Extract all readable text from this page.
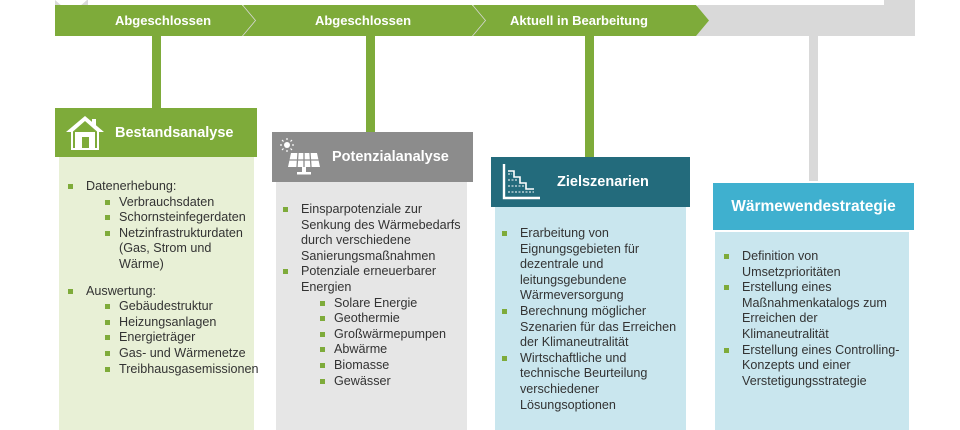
Abgeschlossen	Abgeschlossen	Aktuell in Bearbeitung
Datenerhebung:
Verbrauchsdaten
Schornsteinfegerdaten
Netzinfrastrukturdaten (Gas, Strom und Wärme)
Auswertung:
Gebäudestruktur
Heizungsanlagen
Energieträger
Gas- und Wärmenetze
Treibhausgasemissionen
Bestandsanalyse
Einsparpotenziale zur Senkung des Wärmebedarfs durch verschiedene Sanierungsmaßnahmen
Potenziale erneuerbarer Energien
Solare Energie
Geothermie
Großwärmepumpen
Abwärme
Biomasse
Gewässer
Potenzialanalyse
Erarbeitung von Eignungsgebieten für dezentrale und leitungsgebundene Wärmeversorgung
Berechnung möglicher Szenarien für das Erreichen der Klimaneutralität
Wirtschaftliche und technische Beurteilung verschiedener Lösungsoptionen
Zielszenarien
Definition von Umsetzprioritäten
Erstellung eines Maßnahmenkatalogs zum Erreichen der Klimaneutralität
Erstellung eines Controlling-Konzepts und einer Verstetigungsstrategie
Wärmewendestrategie
